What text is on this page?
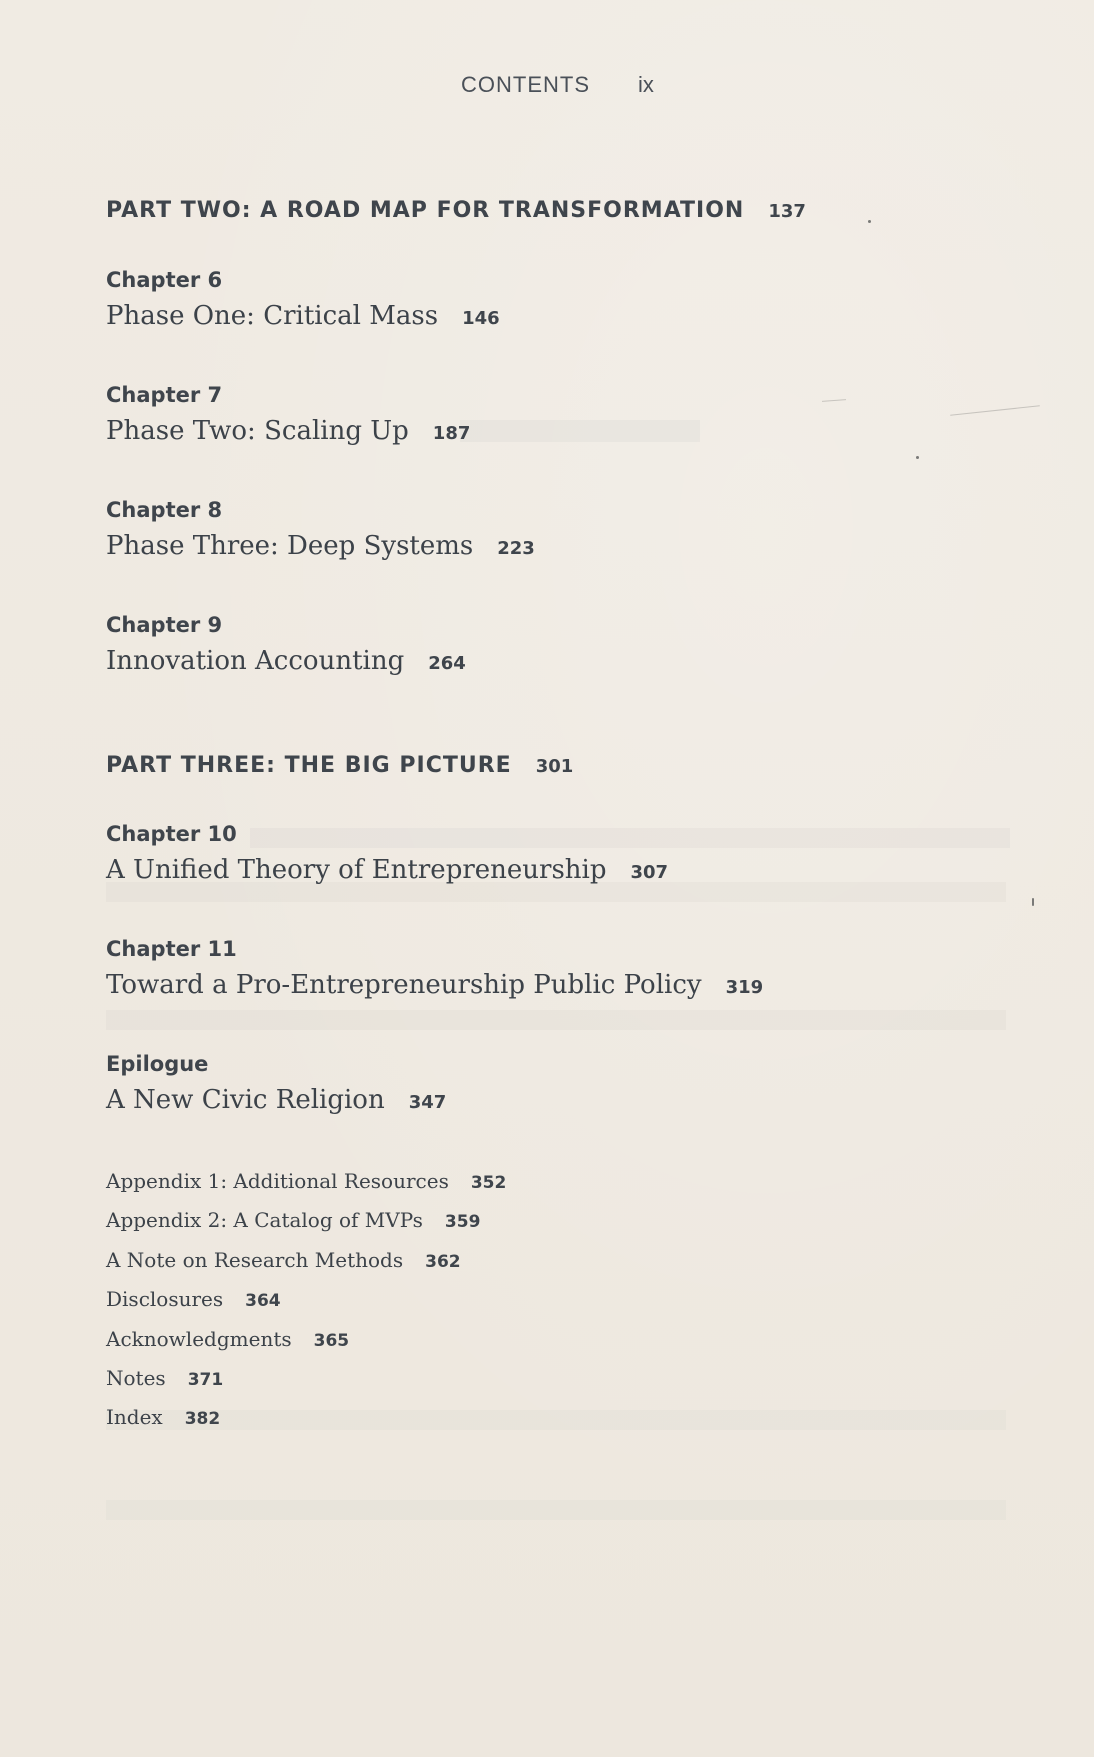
CONTENTS ix
PART TWO: A ROAD MAP FOR TRANSFORMATION 137
Chapter 6
Phase One: Critical Mass 146
Chapter 7
Phase Two: Scaling Up 187
Chapter 8
Phase Three: Deep Systems 223
Chapter 9
Innovation Accounting 264
PART THREE: THE BIG PICTURE 301
Chapter 10
A Unified Theory of Entrepreneurship 307
Chapter 11
Toward a Pro-Entrepreneurship Public Policy 319
Epilogue
A New Civic Religion 347
Appendix 1: Additional Resources 352
Appendix 2: A Catalog of MVPs 359
A Note on Research Methods 362
Disclosures 364
Acknowledgments 365
Notes 371
Index 382
